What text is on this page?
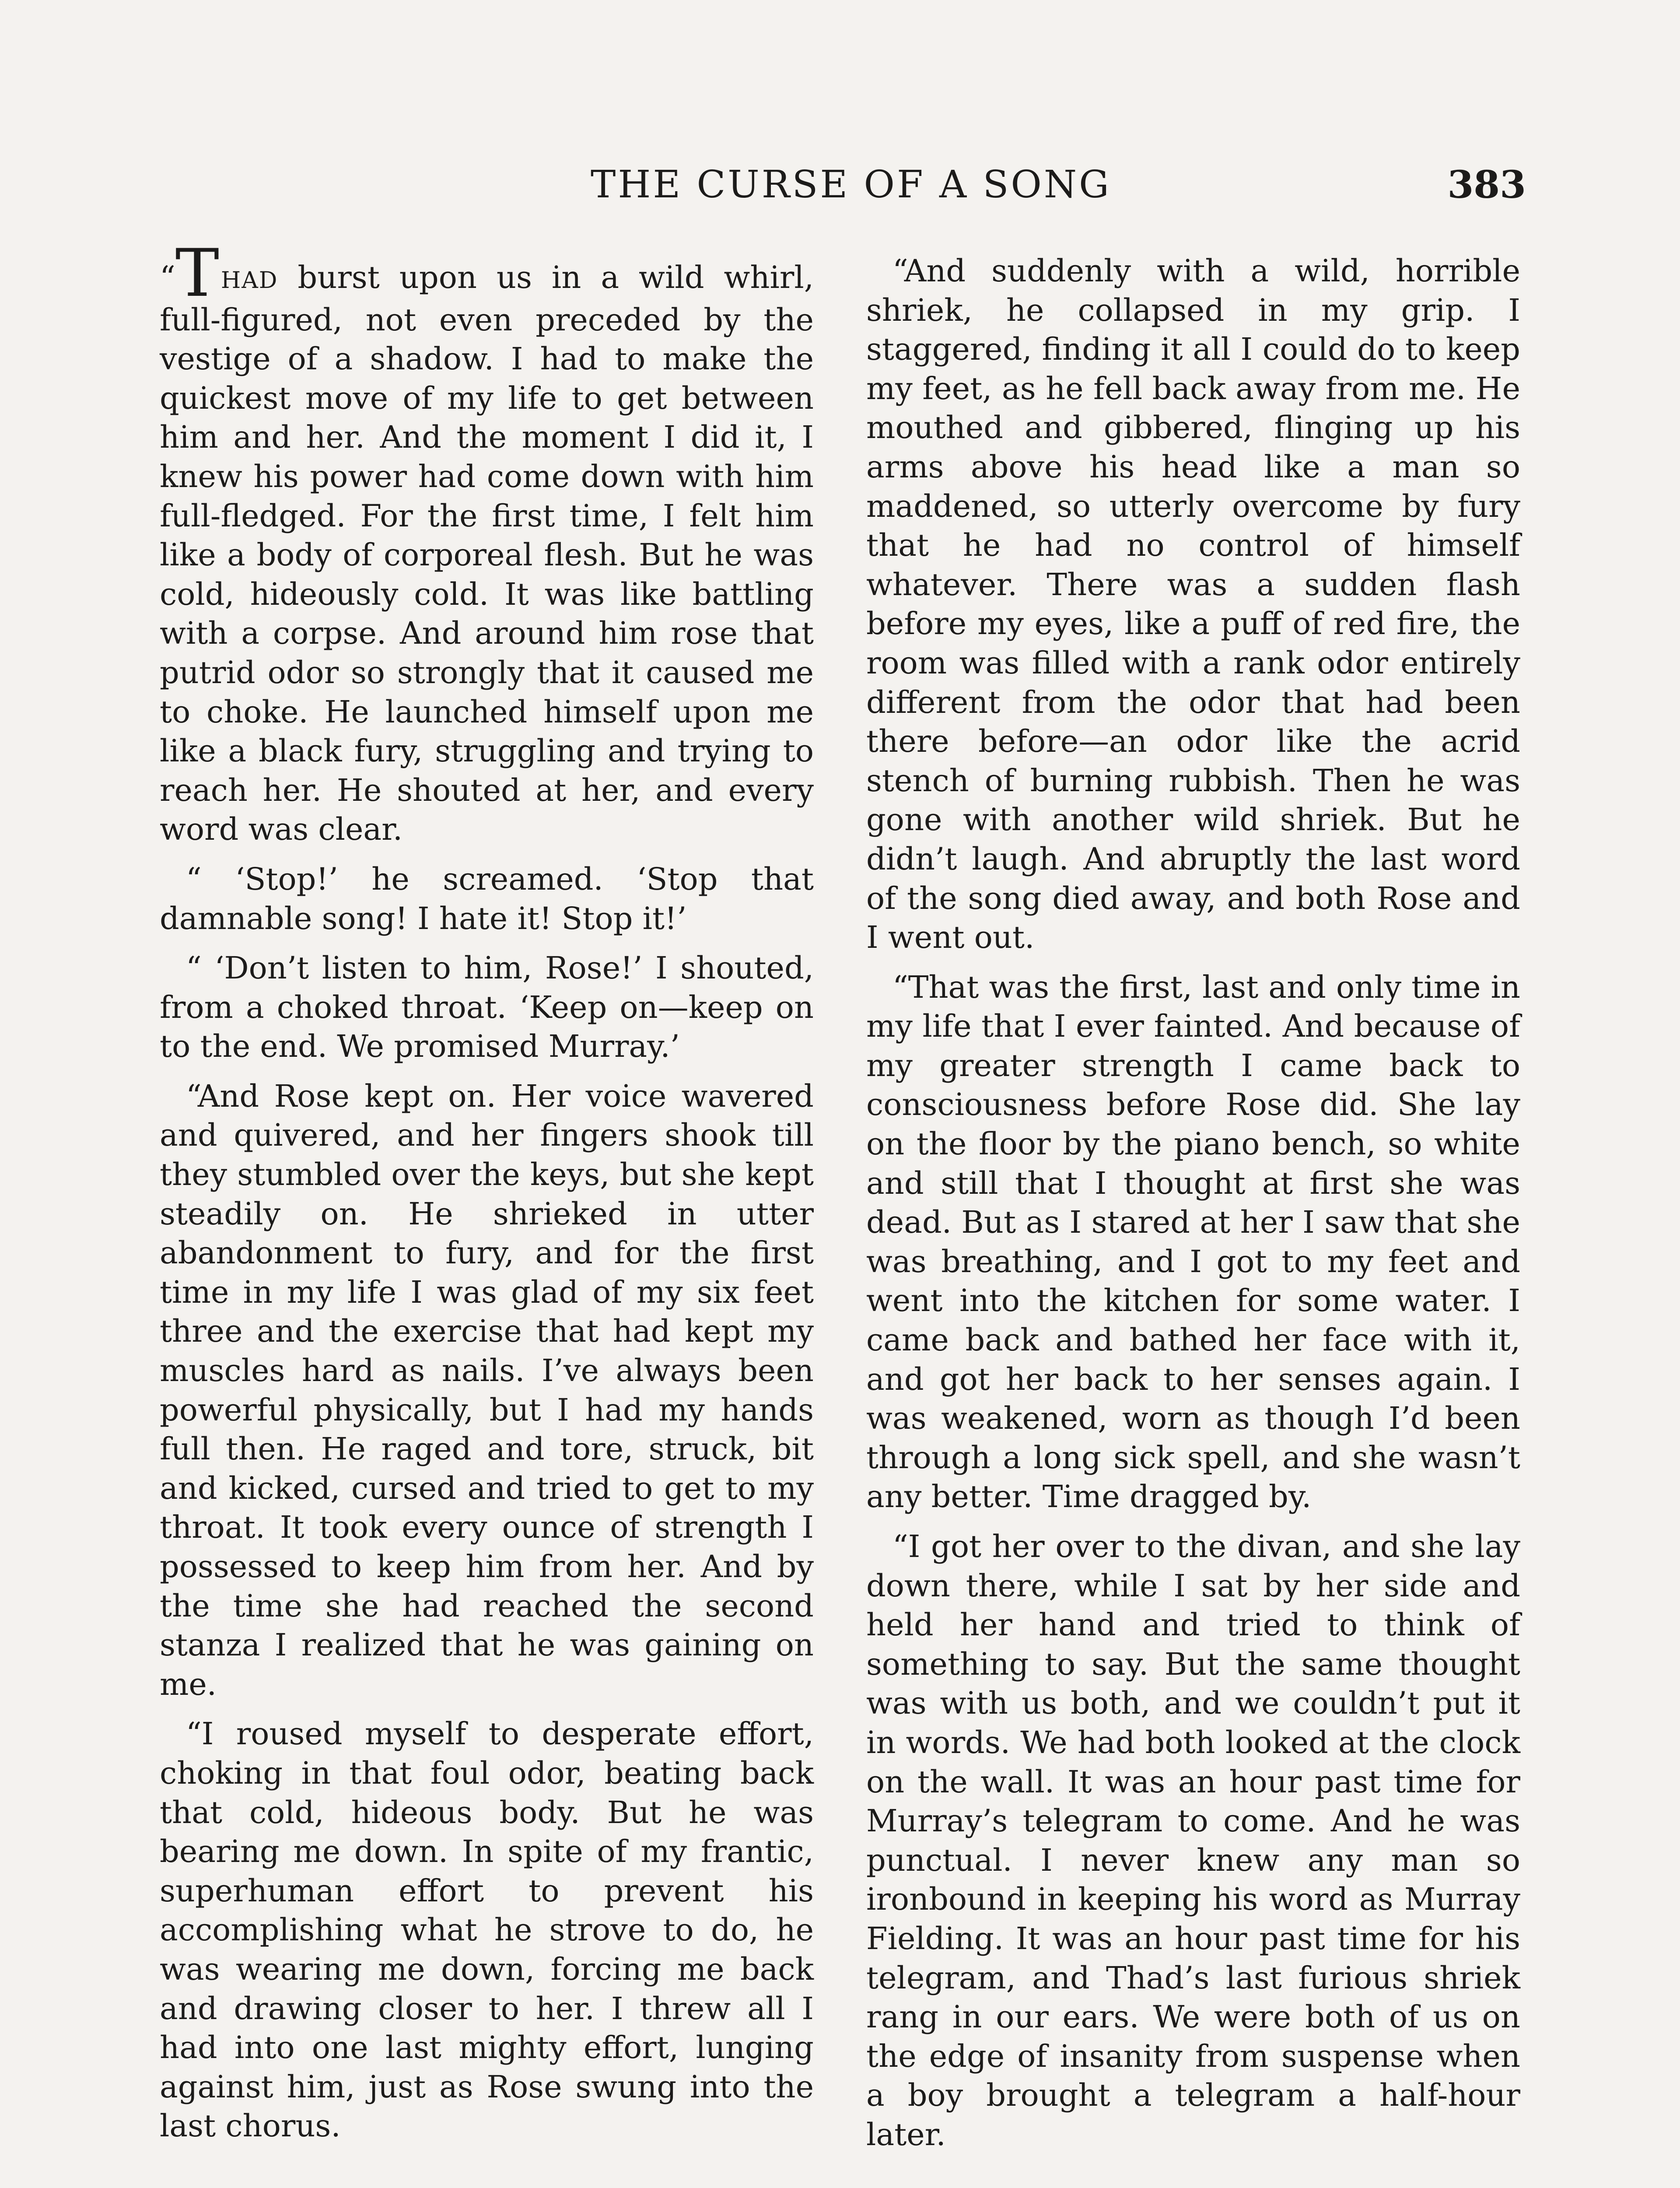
THE CURSE OF A SONG	383

“THAD burst upon us in a wild whirl, full-figured, not even preceded by the vestige of a shadow. I had to make the quickest move of my life to get between him and her. And the moment I did it, I knew his power had come down with him full-fledged. For the first time, I felt him like a body of corporeal flesh. But he was cold, hideously cold. It was like battling with a corpse. And around him rose that putrid odor so strongly that it caused me to choke. He launched himself upon me like a black fury, struggling and trying to reach her. He shouted at her, and every word was clear.

“ ‘Stop!’ he screamed. ‘Stop that damnable song! I hate it! Stop it!’

“ ‘Don’t listen to him, Rose!’ I shouted, from a choked throat. ‘Keep on—keep on to the end. We promised Murray.’

“And Rose kept on. Her voice wavered and quivered, and her fingers shook till they stumbled over the keys, but she kept steadily on. He shrieked in utter abandonment to fury, and for the first time in my life I was glad of my six feet three and the exercise that had kept my muscles hard as nails. I’ve always been powerful physically, but I had my hands full then. He raged and tore, struck, bit and kicked, cursed and tried to get to my throat. It took every ounce of strength I possessed to keep him from her. And by the time she had reached the second stanza I realized that he was gaining on me.

“I roused myself to desperate effort, choking in that foul odor, beating back that cold, hideous body. But he was bearing me down. In spite of my frantic, superhuman effort to prevent his accomplishing what he strove to do, he was wearing me down, forcing me back and drawing closer to her. I threw all I had into one last mighty effort, lunging against him, just as Rose swung into the last chorus.

“And suddenly with a wild, horrible shriek, he collapsed in my grip. I staggered, finding it all I could do to keep my feet, as he fell back away from me. He mouthed and gibbered, flinging up his arms above his head like a man so maddened, so utterly overcome by fury that he had no control of himself whatever. There was a sudden flash before my eyes, like a puff of red fire, the room was filled with a rank odor entirely different from the odor that had been there before—an odor like the acrid stench of burning rubbish. Then he was gone with another wild shriek. But he didn’t laugh. And abruptly the last word of the song died away, and both Rose and I went out.

“That was the first, last and only time in my life that I ever fainted. And because of my greater strength I came back to consciousness before Rose did. She lay on the floor by the piano bench, so white and still that I thought at first she was dead. But as I stared at her I saw that she was breathing, and I got to my feet and went into the kitchen for some water. I came back and bathed her face with it, and got her back to her senses again. I was weakened, worn as though I’d been through a long sick spell, and she wasn’t any better. Time dragged by.

“I got her over to the divan, and she lay down there, while I sat by her side and held her hand and tried to think of something to say. But the same thought was with us both, and we couldn’t put it in words. We had both looked at the clock on the wall. It was an hour past time for Murray’s telegram to come. And he was punctual. I never knew any man so ironbound in keeping his word as Murray Fielding. It was an hour past time for his telegram, and Thad’s last furious shriek rang in our ears. We were both of us on the edge of insanity from suspense when a boy brought a telegram a half-hour later.
